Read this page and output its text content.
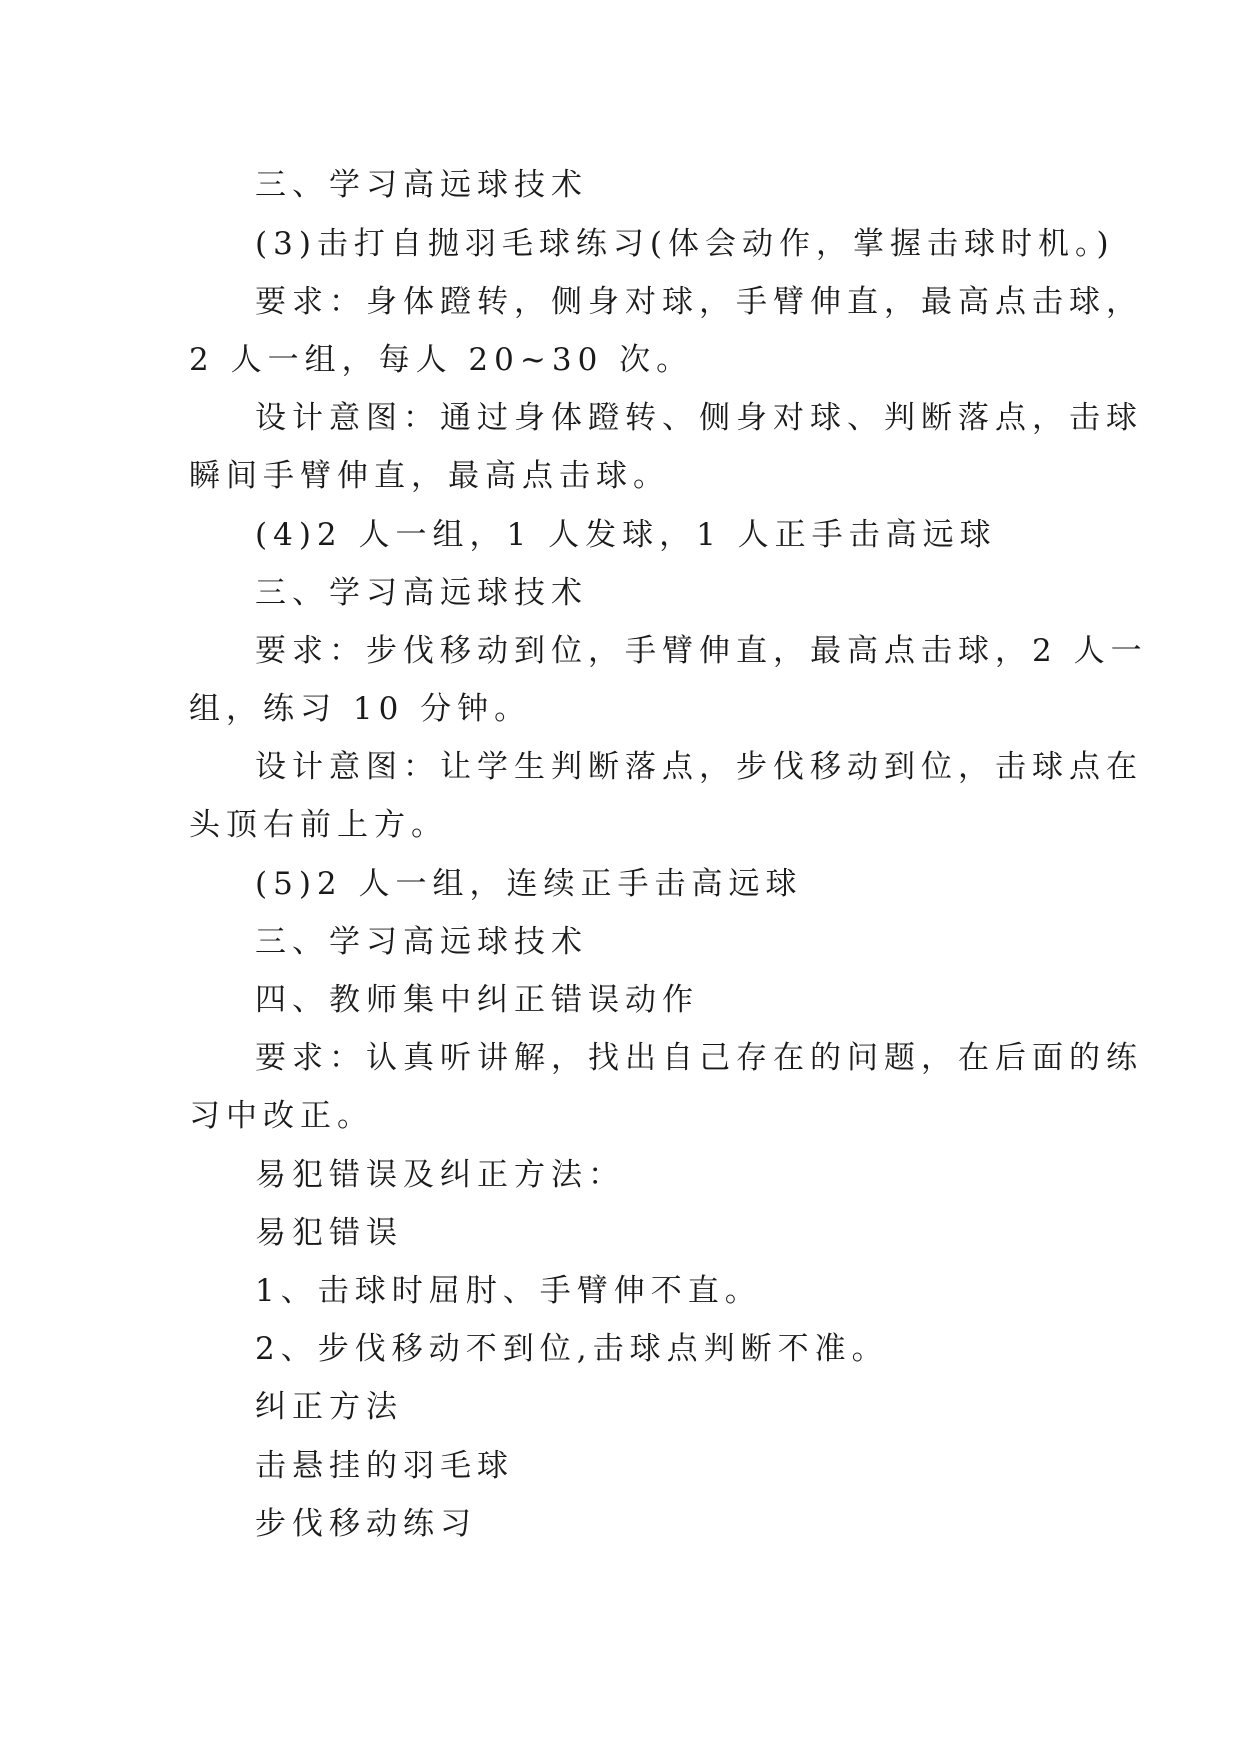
三、学习高远球技术
(3)击打自抛羽毛球练习(体会动作，掌握击球时机。)
要求：身体蹬转，侧身对球，手臂伸直，最高点击球，
2 人一组，每人 20~30 次。
设计意图：通过身体蹬转、侧身对球、判断落点，击球
瞬间手臂伸直，最高点击球。
(4)2 人一组，1 人发球，1 人正手击高远球
三、学习高远球技术
要求：步伐移动到位，手臂伸直，最高点击球，2 人一
组，练习 10 分钟。
设计意图：让学生判断落点，步伐移动到位，击球点在
头顶右前上方。
(5)2 人一组，连续正手击高远球
三、学习高远球技术
四、教师集中纠正错误动作
要求：认真听讲解，找出自己存在的问题，在后面的练
习中改正。
易犯错误及纠正方法：
易犯错误
1、击球时屈肘、手臂伸不直。
2、步伐移动不到位,击球点判断不准。
纠正方法
击悬挂的羽毛球
步伐移动练习
